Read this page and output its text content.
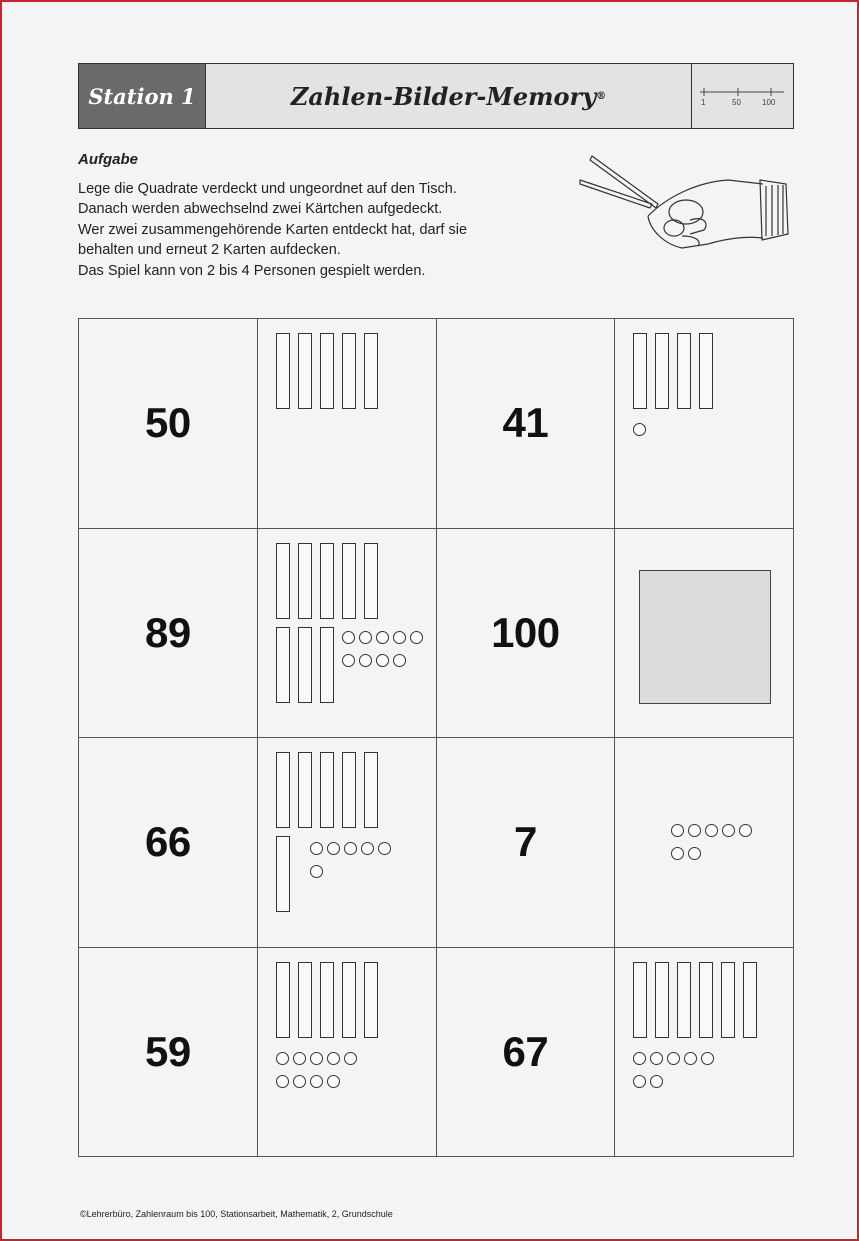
Station 1	Zahlen-Bilder-Memory ®
1	50	100
Aufgabe
Lege die Quadrate verdeckt und ungeordnet auf den Tisch.
Danach werden abwechselnd zwei Kärtchen aufgedeckt.
Wer zwei zusammengehörende Karten entdeckt hat, darf sie
behalten und erneut 2 Karten aufdecken.
Das Spiel kann von 2 bis 4 Personen gespielt werden.
50	41
89	100
66	7
59	67
©Lehrerbüro, Zahlenraum bis 100, Stationsarbeit, Mathematik, 2, Grundschule
